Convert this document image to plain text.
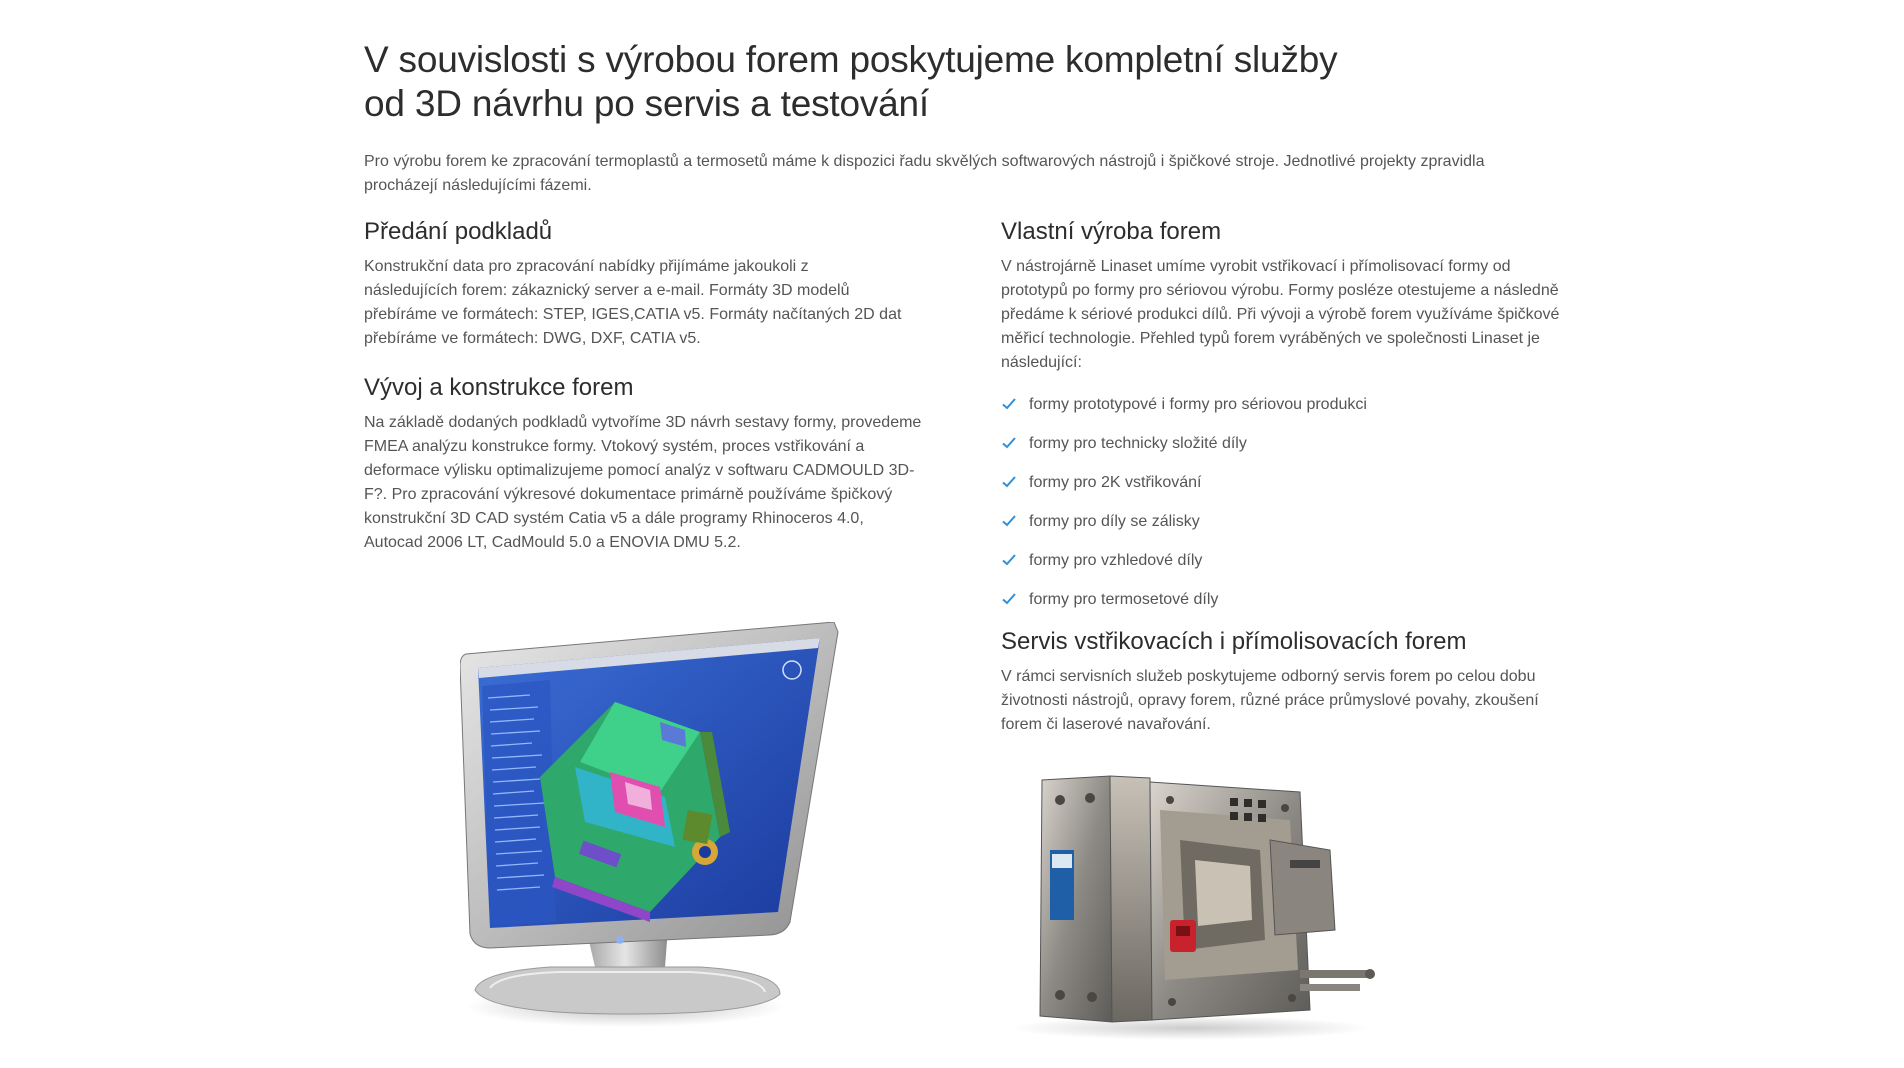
V souvislosti s výrobou forem poskytujeme kompletní služby
od 3D návrhu po servis a testování

Pro výrobu forem ke zpracování termoplastů a termosetů máme k dispozici řadu skvělých softwarových nástrojů i špičkové stroje. Jednotlivé projekty zpravidla procházejí následujícími fázemi.

Předání podkladů

Konstrukční data pro zpracování nabídky přijímáme jakoukoli z následujících forem: zákaznický server a e-mail. Formáty 3D modelů přebíráme ve formátech: STEP, IGES,CATIA v5. Formáty načítaných 2D dat přebíráme ve formátech: DWG, DXF, CATIA v5.

Vývoj a konstrukce forem

Na základě dodaných podkladů vytvoříme 3D návrh sestavy formy, provedeme FMEA analýzu konstrukce formy. Vtokový systém, proces vstřikování a deformace výlisku optimalizujeme pomocí analýz v softwaru CADMOULD 3D-F?. Pro zpracování výkresové dokumentace primárně používáme špičkový konstrukční 3D CAD systém Catia v5 a dále programy Rhinoceros 4.0, Autocad 2006 LT, CadMould 5.0 a ENOVIA DMU 5.2.

Vlastní výroba forem

V nástrojárně Linaset umíme vyrobit vstřikovací i přímolisovací formy od prototypů po formy pro sériovou výrobu. Formy posléze otestujeme a následně předáme k sériové produkci dílů. Při vývoji a výrobě forem využíváme špičkové měřicí technologie. Přehled typů forem vyráběných ve společnosti Linaset je následující:

formy prototypové i formy pro sériovou produkci
formy pro technicky složité díly
formy pro 2K vstřikování
formy pro díly se zálisky
formy pro vzhledové díly
formy pro termosetové díly
Servis vstřikovacích i přímolisovacích forem

V rámci servisních služeb poskytujeme odborný servis forem po celou dobu životnosti nástrojů, opravy forem, různé práce průmyslové povahy, zkoušení forem či laserové navařování.
